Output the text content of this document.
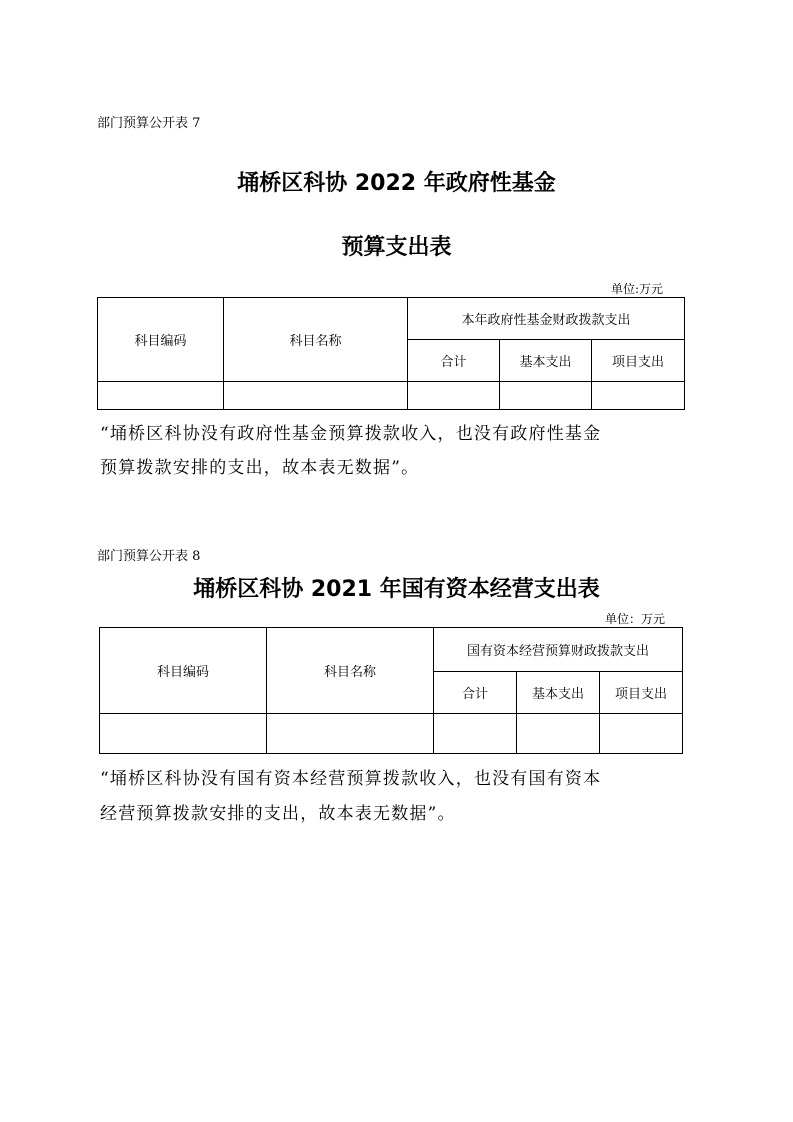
部门预算公开表 7
埇桥区科协 2022 年政府性基金
预算支出表
单位:万元
科目编码	科目名称	本年政府性基金财政拨款支出		
		合计	基本支出	项目支出

“埇桥区科协没有政府性基金预算拨款收入，也没有政府性基金
预算拨款安排的支出，故本表无数据”。
部门预算公开表 8
埇桥区科协 2021 年国有资本经营支出表
单位：万元
科目编码	科目名称	国有资本经营预算财政拨款支出		
		合计	基本支出	项目支出

“埇桥区科协没有国有资本经营预算拨款收入，也没有国有资本
经营预算拨款安排的支出，故本表无数据”。
